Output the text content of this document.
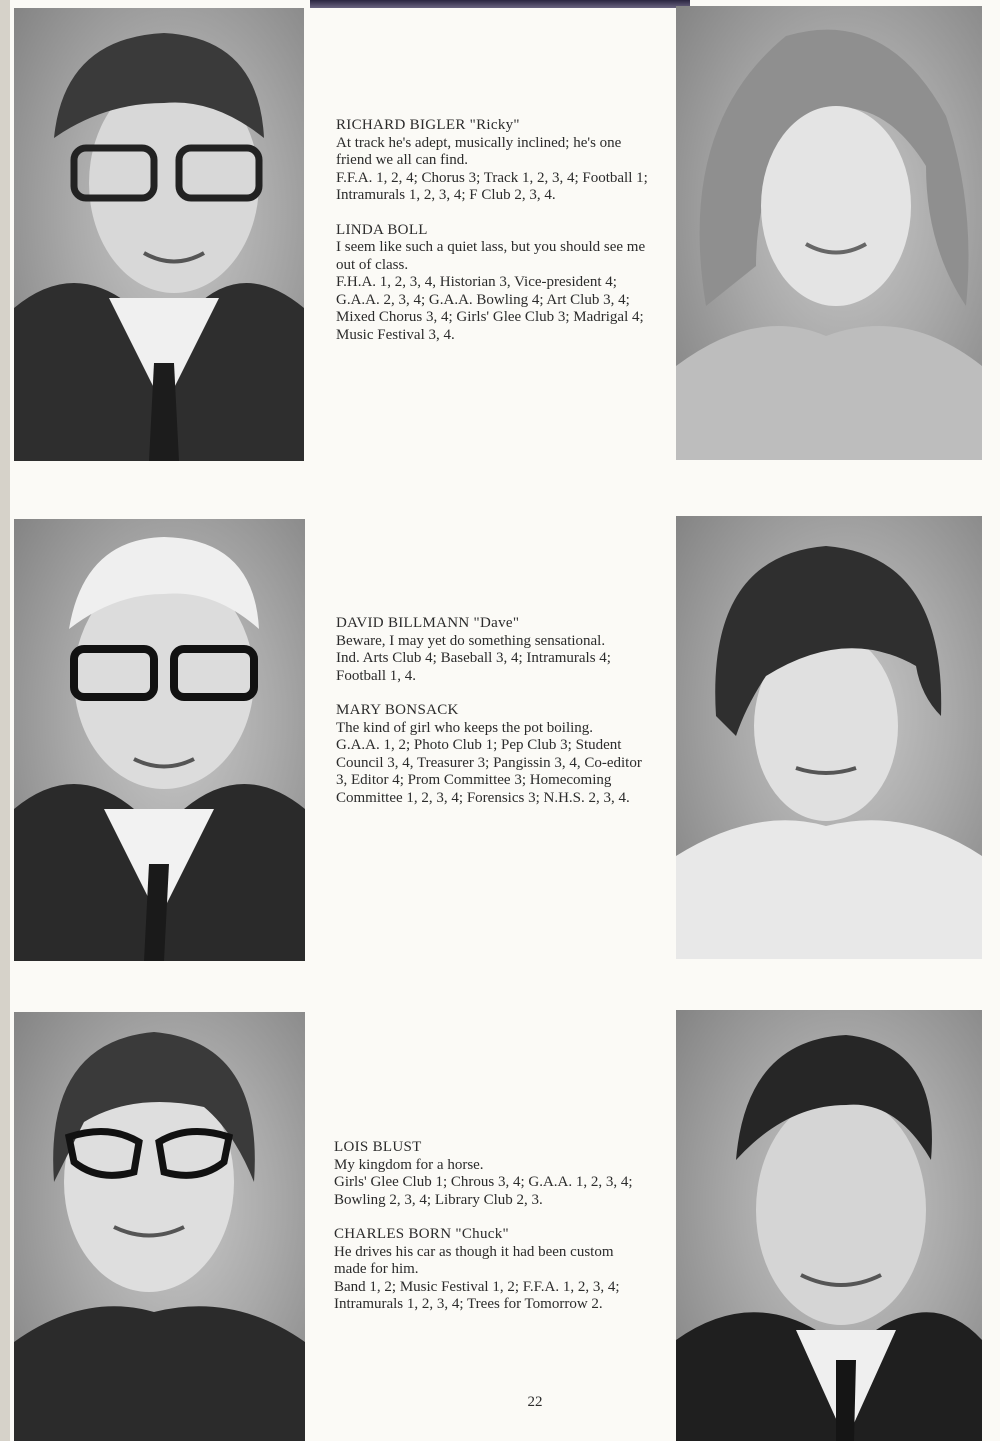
RICHARD BIGLER "Ricky"

At track he's adept, musically inclined; he's one friend we all can find.

F.F.A. 1, 2, 4; Chorus 3; Track 1, 2, 3, 4; Football 1; Intramurals 1, 2, 3, 4; F Club 2, 3, 4.

LINDA BOLL

I seem like such a quiet lass, but you should see me out of class.

F.H.A. 1, 2, 3, 4, Historian 3, Vice-president 4; G.A.A. 2, 3, 4; G.A.A. Bowling 4; Art Club 3, 4; Mixed Chorus 3, 4; Girls' Glee Club 3; Madrigal 4; Music Festival 3, 4.

DAVID BILLMANN "Dave"

Beware, I may yet do something sensational.

Ind. Arts Club 4; Baseball 3, 4; Intramurals 4; Football 1, 4.

MARY BONSACK

The kind of girl who keeps the pot boiling.

G.A.A. 1, 2; Photo Club 1; Pep Club 3; Student Council 3, 4, Treasurer 3; Pangissin 3, 4, Co-editor 3, Editor 4; Prom Committee 3; Homecoming Committee 1, 2, 3, 4; Forensics 3; N.H.S. 2, 3, 4.

LOIS BLUST

My kingdom for a horse.

Girls' Glee Club 1; Chrous 3, 4; G.A.A. 1, 2, 3, 4; Bowling 2, 3, 4; Library Club 2, 3.

CHARLES BORN "Chuck"

He drives his car as though it had been custom made for him.

Band 1, 2; Music Festival 1, 2; F.F.A. 1, 2, 3, 4; Intramurals 1, 2, 3, 4; Trees for Tomorrow 2.

22
